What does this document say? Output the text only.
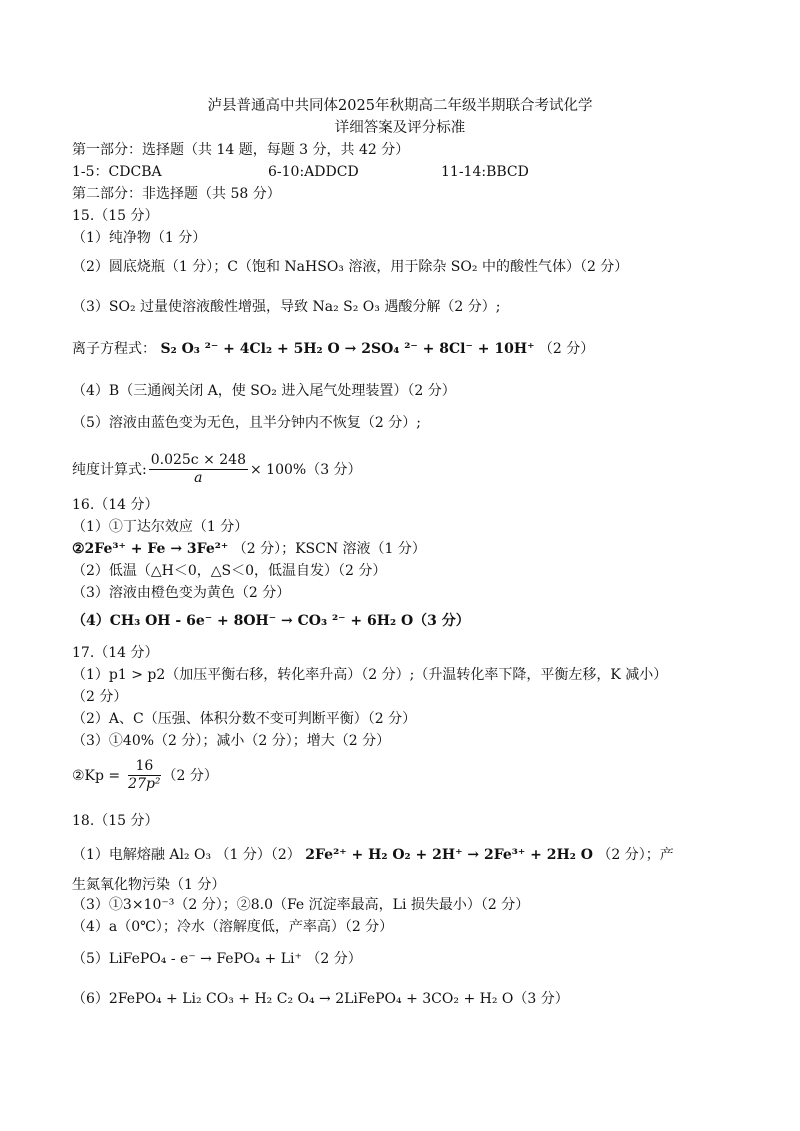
泸县普通高中共同体2025年秋期高二年级半期联合考试化学
详细答案及评分标准
第一部分：选择题（共 14 题，每题 3 分，共 42 分）
1-5：CDCBA	6-10:ADDCD	11-14:BBCD
第二部分：非选择题（共 58 分）
15.（15 分）
（1）纯净物（1 分）
（2）圆底烧瓶（1 分）；C（饱和 NaHSO₃ 溶液，用于除杂 SO₂ 中的酸性气体）（2 分）
（3）SO₂ 过量使溶液酸性增强，导致 Na₂ S₂ O₃ 遇酸分解（2 分）;
离子方程式： S₂ O₃ ²⁻ + 4Cl₂ + 5H₂ O → 2SO₄ ²⁻ + 8Cl⁻ + 10H⁺ （2 分）
（4）B（三通阀关闭 A，使 SO₂ 进入尾气处理装置）（2 分）
（5）溶液由蓝色变为无色，且半分钟内不恢复（2 分）;
纯度计算式: $\frac{0.025c \times 248}{a} \times 100\%(3$ 分）
16.（14 分）
（1）①丁达尔效应（1 分）
②2Fe³⁺ + Fe → 3Fe²⁺ （2 分）；KSCN 溶液（1 分）
（2）低温（△H＜0，△S＜0，低温自发）（2 分）
（3）溶液由橙色变为黄色（2 分）
（4）CH₃ OH - 6e⁻ + 8OH⁻ → CO₃ ²⁻ + 6H₂ O（3 分）
17.（14 分）
（1）p1 > p2（加压平衡右移，转化率升高）（2 分）;（升温转化率下降，平衡左移，K 减小）
（2 分）
（2）A、C（压强、体积分数不变可判断平衡）（2 分）
（3）①40%（2 分）；减小（2 分）；增大（2 分）
②Kp = $\frac{16}{\text{27p²}} (2$ 分）
18.（15 分）
（1）电解熔融 Al₂ O₃ （1 分）（2） 2Fe²⁺ + H₂ O₂ + 2H⁺ → 2Fe³⁺ + 2H₂ O （2 分）；产
生氮氧化物污染（1 分）
（3）①3×10⁻³（2 分）；②8.0（Fe 沉淀率最高，Li 损失最小）（2 分）
（4）a（0℃）；冷水（溶解度低，产率高）（2 分）
（5）LiFePO₄ - e⁻ → FePO₄ + Li⁺ （2 分）
（6）2FePO₄ + Li₂ CO₃ + H₂ C₂ O₄ → 2LiFePO₄ + 3CO₂ + H₂ O（3 分）
